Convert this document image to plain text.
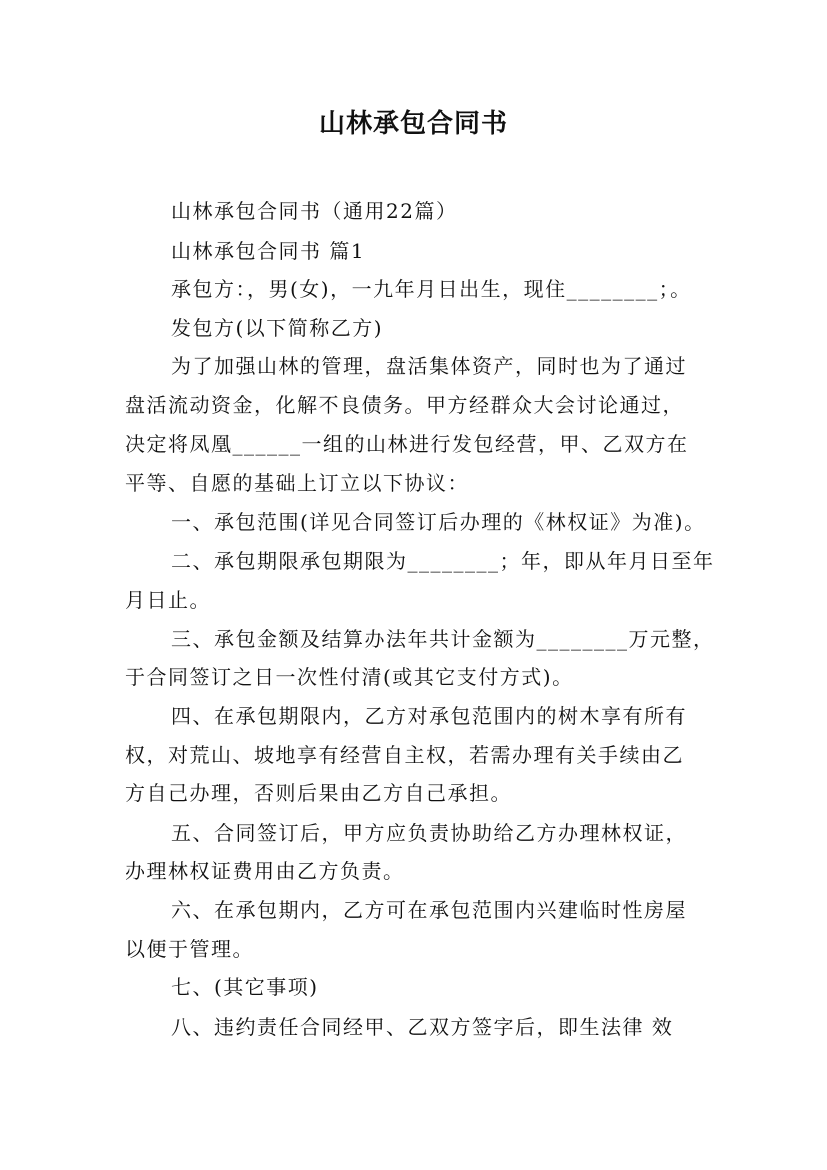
山林承包合同书
山林承包合同书（通用22篇）
山林承包合同书 篇1
承包方：，男(女)，一九年月日出生，现住________；。
发包方(以下简称乙方)
为了加强山林的管理，盘活集体资产，同时也为了通过
盘活流动资金，化解不良债务。甲方经群众大会讨论通过，
决定将凤凰______一组的山林进行发包经营，甲、乙双方在
平等、自愿的基础上订立以下协议：
一、承包范围(详见合同签订后办理的《林权证》为准)。
二、承包期限承包期限为________；年，即从年月日至年
月日止。
三、承包金额及结算办法年共计金额为________万元整，
于合同签订之日一次性付清(或其它支付方式)。
四、在承包期限内，乙方对承包范围内的树木享有所有
权，对荒山、坡地享有经营自主权，若需办理有关手续由乙
方自己办理，否则后果由乙方自己承担。
五、合同签订后，甲方应负责协助给乙方办理林权证，
办理林权证费用由乙方负责。
六、在承包期内，乙方可在承包范围内兴建临时性房屋
以便于管理。
七、(其它事项)
八、违约责任合同经甲、乙双方签字后，即生法律 效
